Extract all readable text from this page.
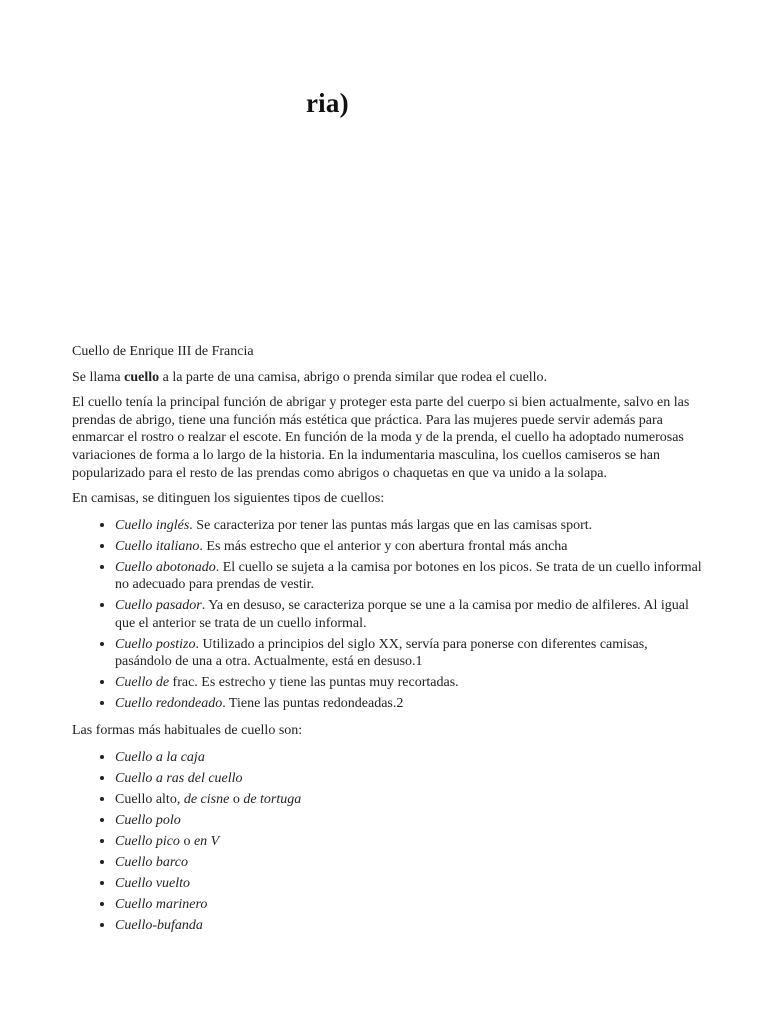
ria)

Cuello de Enrique III de Francia

Se llama cuello a la parte de una camisa, abrigo o prenda similar que rodea el cuello.

El cuello tenía la principal función de abrigar y proteger esta parte del cuerpo si bien actualmente, salvo en las prendas de abrigo, tiene una función más estética que práctica. Para las mujeres puede servir además para enmarcar el rostro o realzar el escote. En función de la moda y de la prenda, el cuello ha adoptado numerosas variaciones de forma a lo largo de la historia. En la indumentaria masculina, los cuellos camiseros se han popularizado para el resto de las prendas como abrigos o chaquetas en que va unido a la solapa.

En camisas, se ditinguen los siguientes tipos de cuellos:

• Cuello inglés. Se caracteriza por tener las puntas más largas que en las camisas sport.
• Cuello italiano. Es más estrecho que el anterior y con abertura frontal más ancha
• Cuello abotonado. El cuello se sujeta a la camisa por botones en los picos. Se trata de un cuello informal no adecuado para prendas de vestir.
• Cuello pasador. Ya en desuso, se caracteriza porque se une a la camisa por medio de alfileres. Al igual que el anterior se trata de un cuello informal.
• Cuello postizo. Utilizado a principios del siglo XX, servía para ponerse con diferentes camisas, pasándolo de una a otra. Actualmente, está en desuso.1
• Cuello de frac. Es estrecho y tiene las puntas muy recortadas.
• Cuello redondeado. Tiene las puntas redondeadas.2

Las formas más habituales de cuello son:

• Cuello a la caja
• Cuello a ras del cuello
• Cuello alto, de cisne o de tortuga
• Cuello polo
• Cuello pico o en V
• Cuello barco
• Cuello vuelto
• Cuello marinero
• Cuello-bufanda
